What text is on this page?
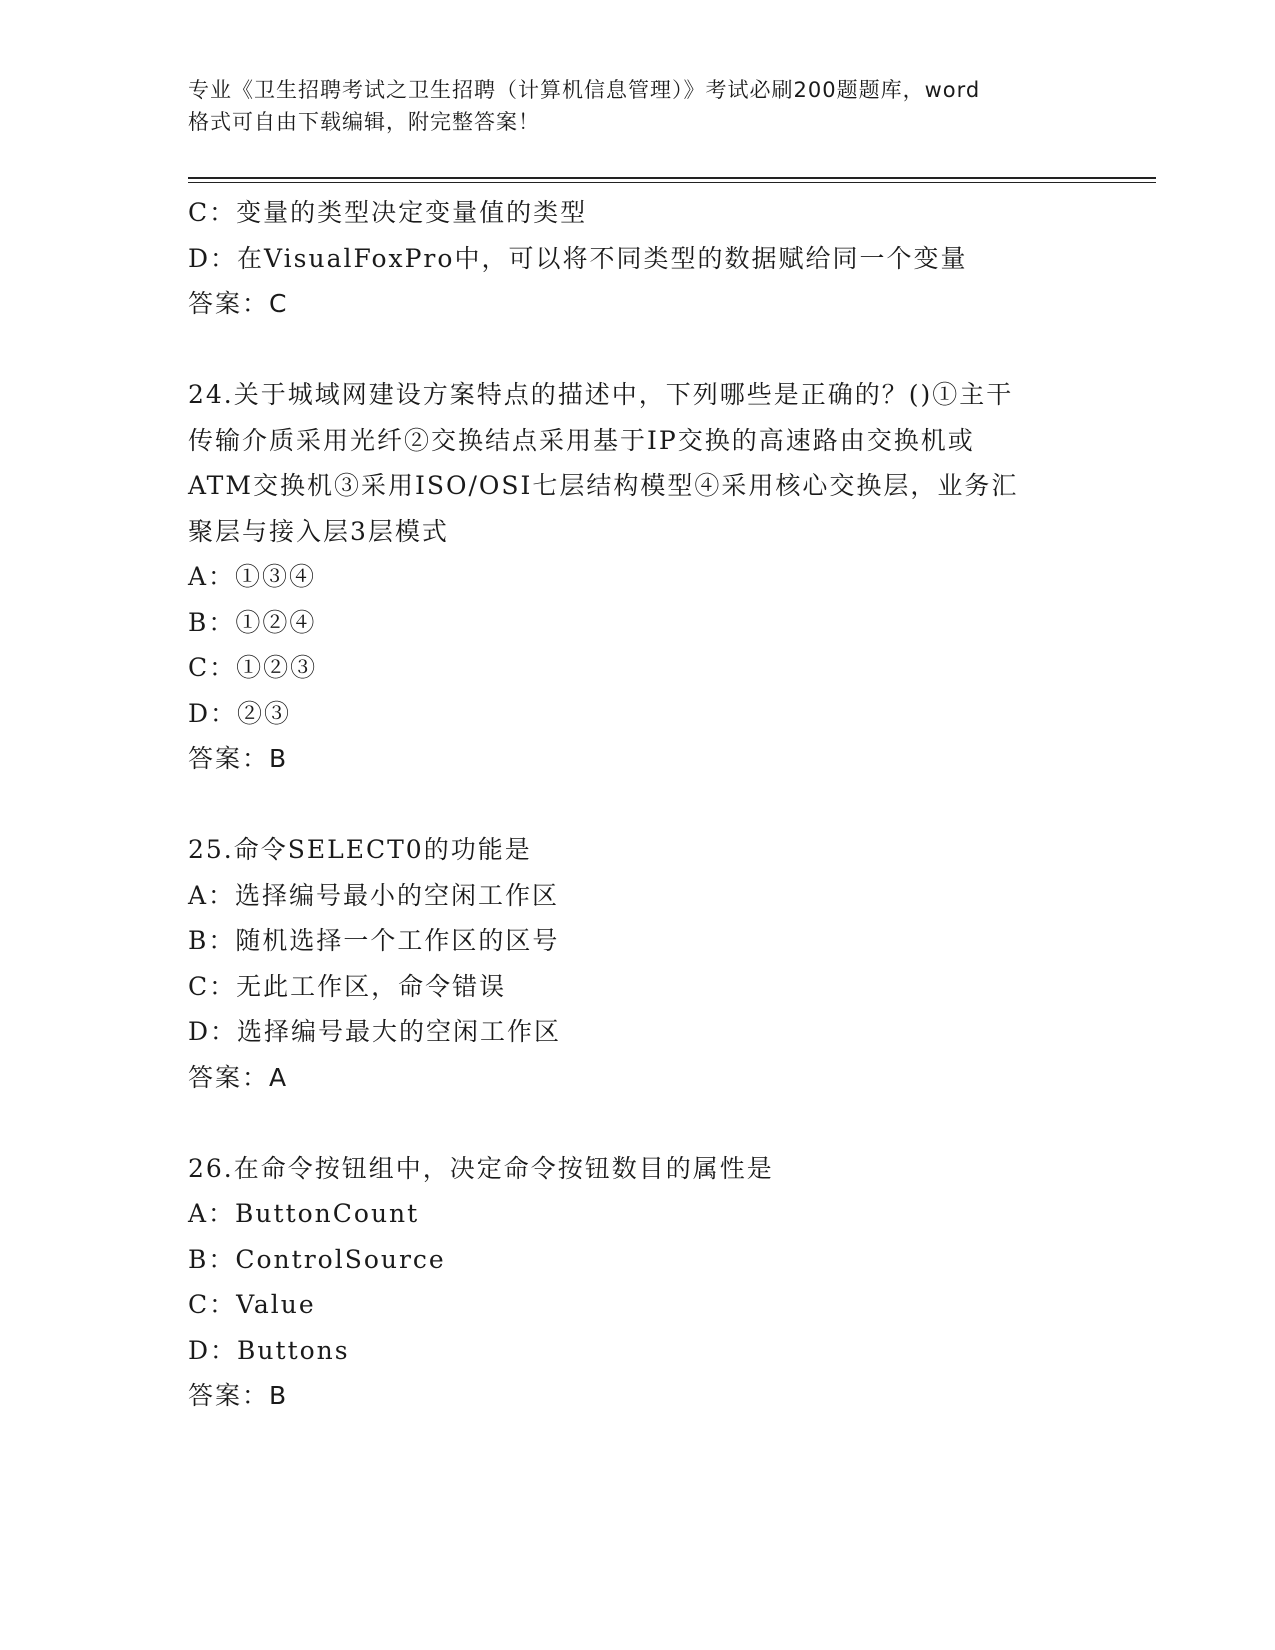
专业《卫生招聘考试之卫生招聘（计算机信息管理）》考试必刷200题题库，word
格式可自由下载编辑，附完整答案！
C：变量的类型决定变量值的类型
D：在VisualFoxPro中，可以将不同类型的数据赋给同一个变量
答案：C
24.关于城域网建设方案特点的描述中，下列哪些是正确的？()①主干
传输介质采用光纤②交换结点采用基于IP交换的高速路由交换机或
ATM交换机③采用ISO/OSI七层结构模型④采用核心交换层，业务汇
聚层与接入层3层模式
A：①③④
B：①②④
C：①②③
D：②③
答案：B
25.命令SELECT0的功能是
A：选择编号最小的空闲工作区
B：随机选择一个工作区的区号
C：无此工作区，命令错误
D：选择编号最大的空闲工作区
答案：A
26.在命令按钮组中，决定命令按钮数目的属性是
A：ButtonCount
B：ControlSource
C：Value
D：Buttons
答案：B
